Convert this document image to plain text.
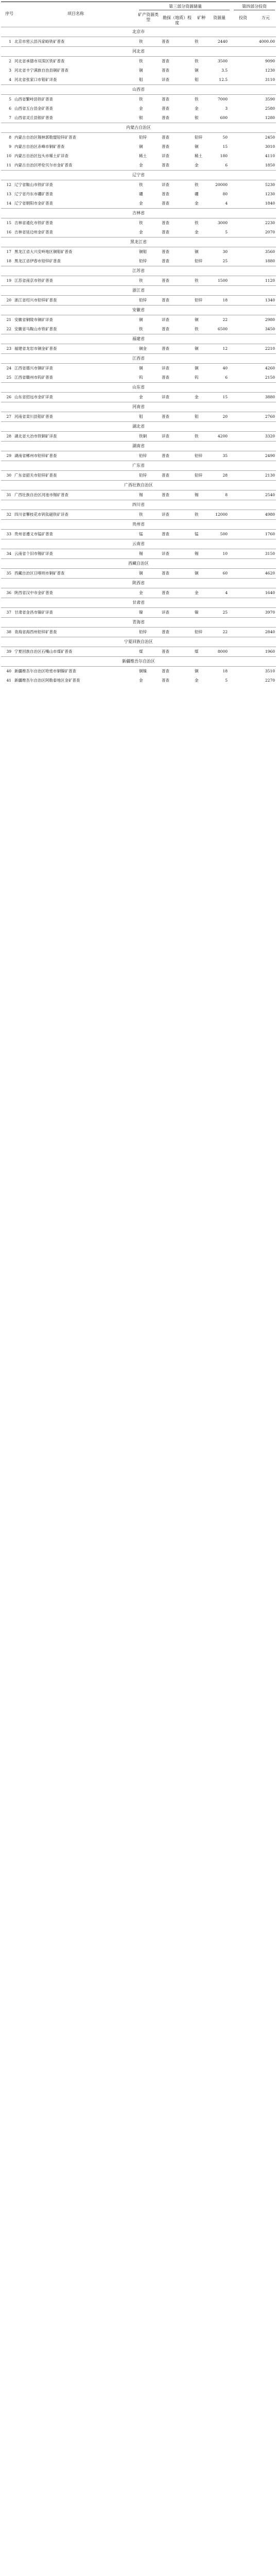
序号	项目名称
第三部分资源储量
矿产资源类型	勘探（地质）程度
矿种	资源量
第四部分投资
投资	万元
北京市
1 北京市密云县冯家峪铁矿普查	铁	普查	铁	2440	4000.00
河北省
2 河北省承德市双滦区铁矿普查	铁	普查	铁	3500	9090
3 河北省丰宁满族自治县铜矿普查	铜	普查	铜	3.5	1230
4 河北省张家口市钼矿详查	钼	详查	钼	12.5	3110
山西省
5 山西省繁峙县铁矿普查	铁	普查	铁	7000	3590
6 山西省五台县金矿普查	金	普查	金	3	2580
7 山西省灵丘县银矿普查	银	普查	银	600	1280
内蒙古自治区
8 内蒙古自治区锡林郭勒盟铅锌矿普查	铅锌	普查	铅锌	50	2450
9 内蒙古自治区赤峰市铜矿普查	铜	普查	铜	15	3010
10 内蒙古自治区包头市稀土矿详查	稀土	详查	稀土	180	4110
11 内蒙古自治区呼伦贝尔市金矿普查	金	普查	金	6	1850
辽宁省
12 辽宁省鞍山市铁矿详查	铁	详查	铁	20000	5230
13 辽宁省丹东市硼矿普查	硼	普查	硼	80	1230
14 辽宁省朝阳市金矿普查	金	普查	金	4	1840
吉林省
15 吉林省通化市铁矿普查	铁	普查	铁	3000	2230
16 吉林省延边州金矿普查	金	普查	金	5	2070
黑龙江省
17 黑龙江省大兴安岭地区铜钼矿普查	铜钼	普查	铜	30	3560
18 黑龙江省伊春市铅锌矿普查	铅锌	普查	铅锌	25	1880
江苏省
19 江苏省南京市铁矿普查	铁	普查	铁	1500	1120
浙江省
20 浙江省绍兴市铅锌矿普查	铅锌	普查	铅锌	18	1340
安徽省
21 安徽省铜陵市铜矿详查	铜	详查	铜	22	2980
22 安徽省马鞍山市铁矿普查	铁	普查	铁	6500	3450
福建省
23 福建省龙岩市铜金矿普查	铜金	普查	铜	12	2210
江西省
24 江西省德兴市铜矿详查	铜	详查	铜	40	4260
25 江西省赣州市钨矿普查	钨	普查	钨	6	2150
山东省
26 山东省招远市金矿详查	金	详查	金	15	3880
河南省
27 河南省栾川县钼矿普查	钼	普查	钼	20	2760
湖北省
28 湖北省大冶市铁铜矿详查	铁铜	详查	铁	4200	3320
湖南省
29 湖南省郴州市铅锌矿普查	铅锌	普查	铅锌	35	2490
广东省
30 广东省韶关市铅锌矿普查	铅锌	普查	铅锌	28	2130
广西壮族自治区
31 广西壮族自治区河池市锡矿普查	锡	普查	锡	8	2540
四川省
32 四川省攀枝花市钒钛磁铁矿详查	铁	详查	铁	12000	4980
贵州省
33 贵州省遵义市锰矿普查	锰	普查	锰	500	1760
云南省
34 云南省个旧市锡矿详查	锡	详查	锡	10	3150
西藏自治区
35 西藏自治区日喀则市铜矿普查	铜	普查	铜	60	4620
陕西省
36 陕西省汉中市金矿普查	金	普查	金	4	1640
甘肃省
37 甘肃省金昌市镍矿详查	镍	详查	镍	25	3970
青海省
38 青海省海西州铅锌矿普查	铅锌	普查	铅锌	22	2840
宁夏回族自治区
39 宁夏回族自治区石嘴山市煤矿普查	煤	普查	煤	8000	1960
新疆维吾尔自治区
40 新疆维吾尔自治区哈密市铜镍矿普查	铜镍	普查	铜	18	3510
41 新疆维吾尔自治区阿勒泰地区金矿普查	金	普查	金	5	2270
